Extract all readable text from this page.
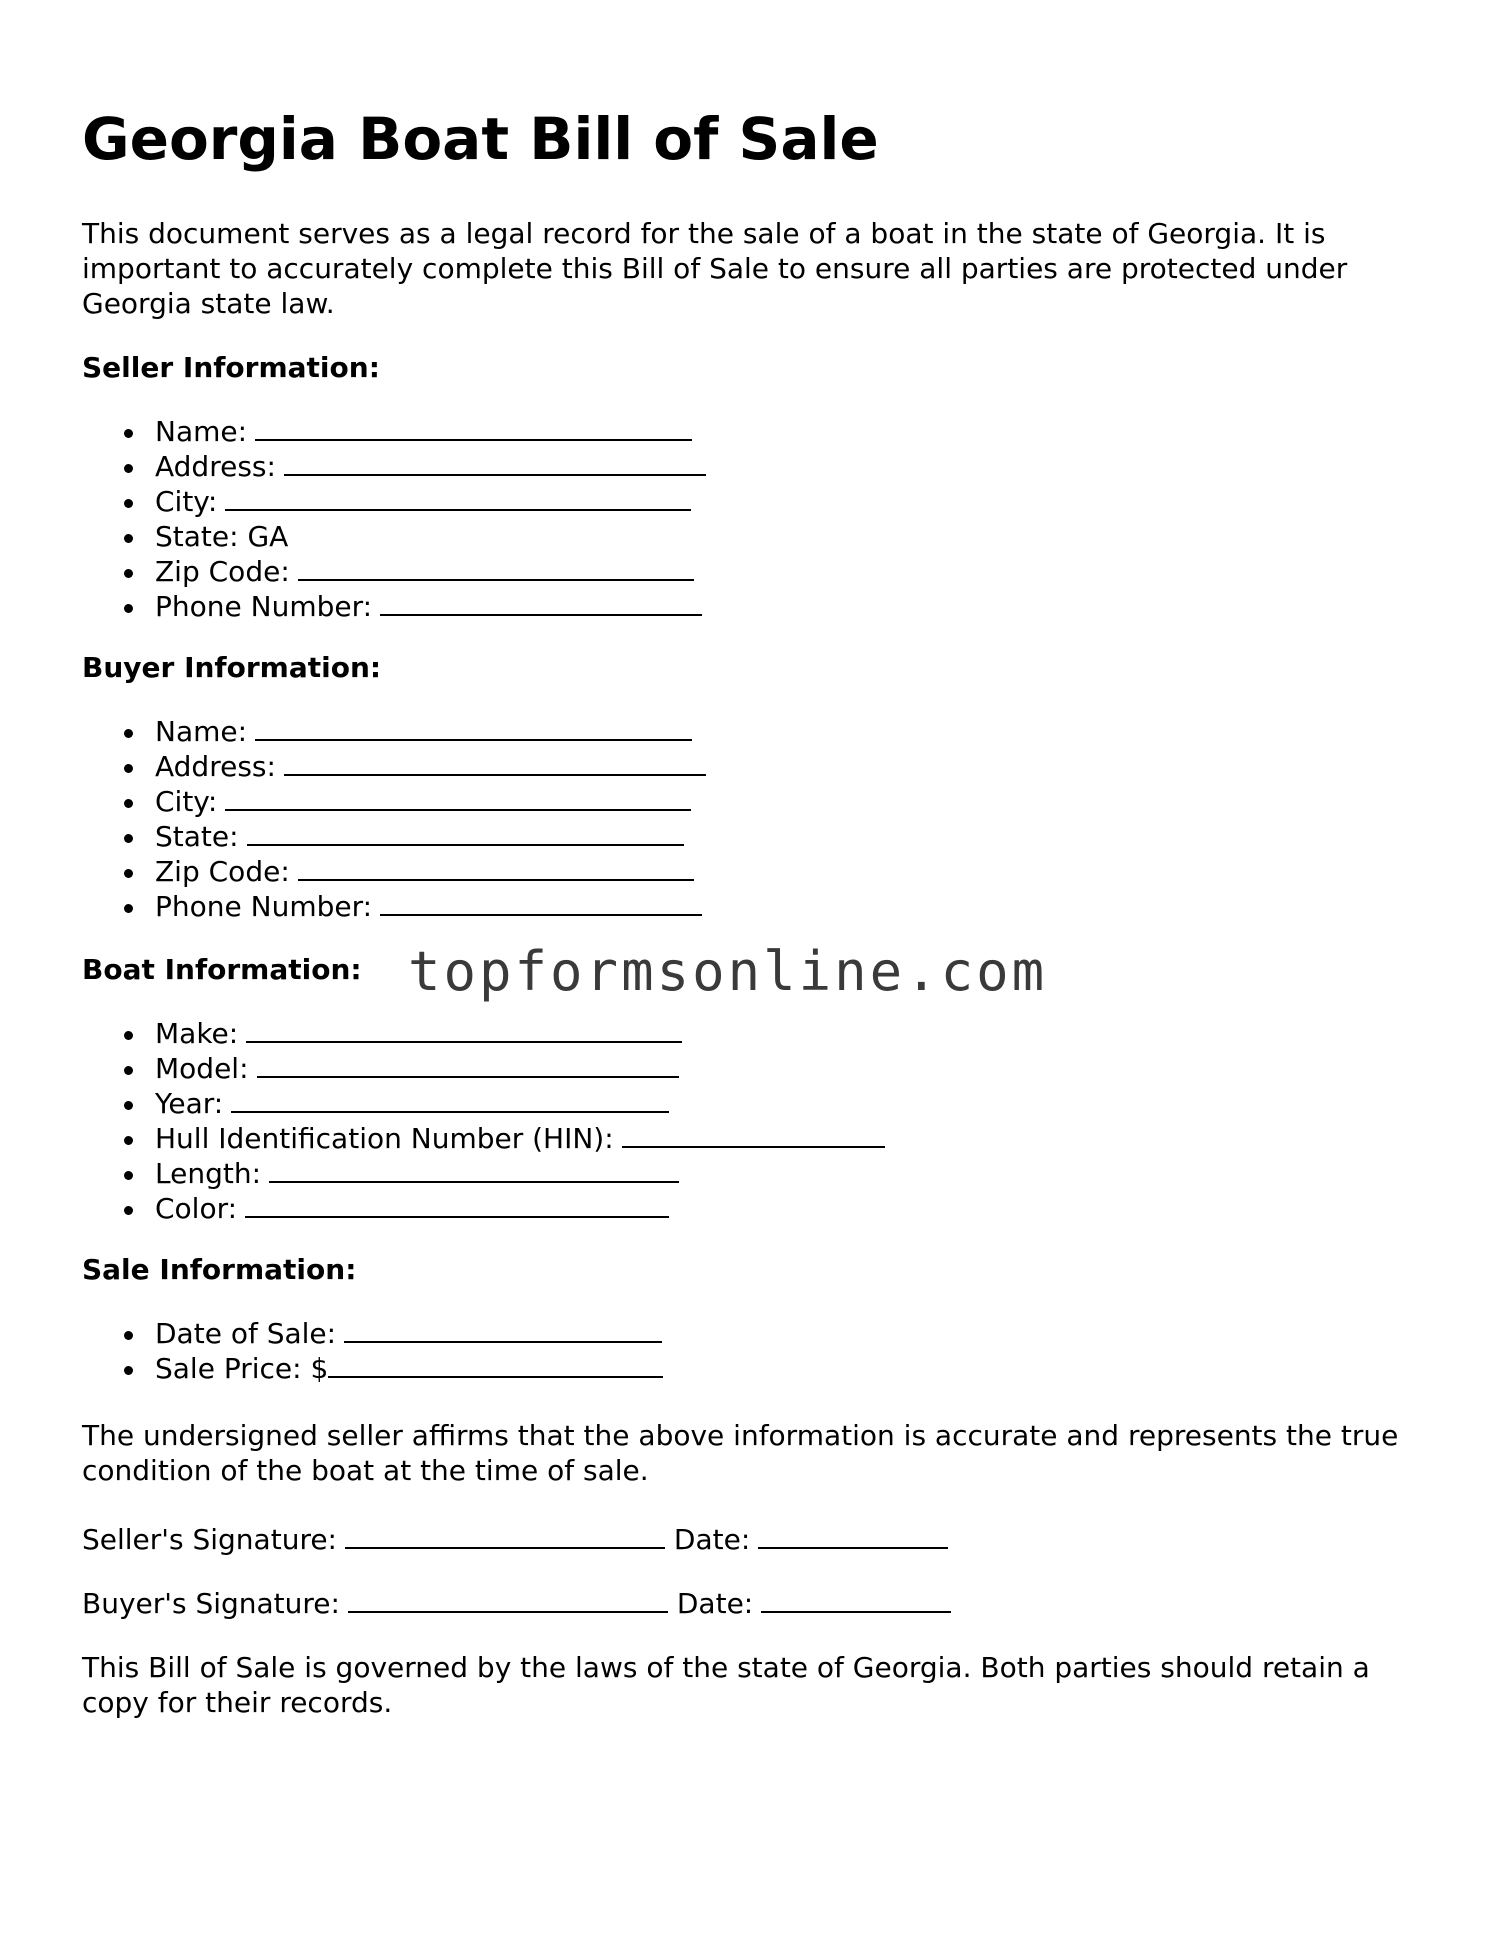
Georgia Boat Bill of Sale

This document serves as a legal record for the sale of a boat in the state of Georgia. It is important to accurately complete this Bill of Sale to ensure all parties are protected under Georgia state law.

Seller Information:

Name:
Address:
City:
State: GA
Zip Code:
Phone Number:

Buyer Information:

Name:
Address:
City:
State:
Zip Code:
Phone Number:

Boat Information:

Make:
Model:
Year:
Hull Identification Number (HIN):
Length:
Color:

Sale Information:

Date of Sale:
Sale Price: $

The undersigned seller affirms that the above information is accurate and represents the true condition of the boat at the time of sale.

Seller's Signature:	Date:

Buyer's Signature:	Date:

This Bill of Sale is governed by the laws of the state of Georgia. Both parties should retain a copy for their records.

topformsonline.com
